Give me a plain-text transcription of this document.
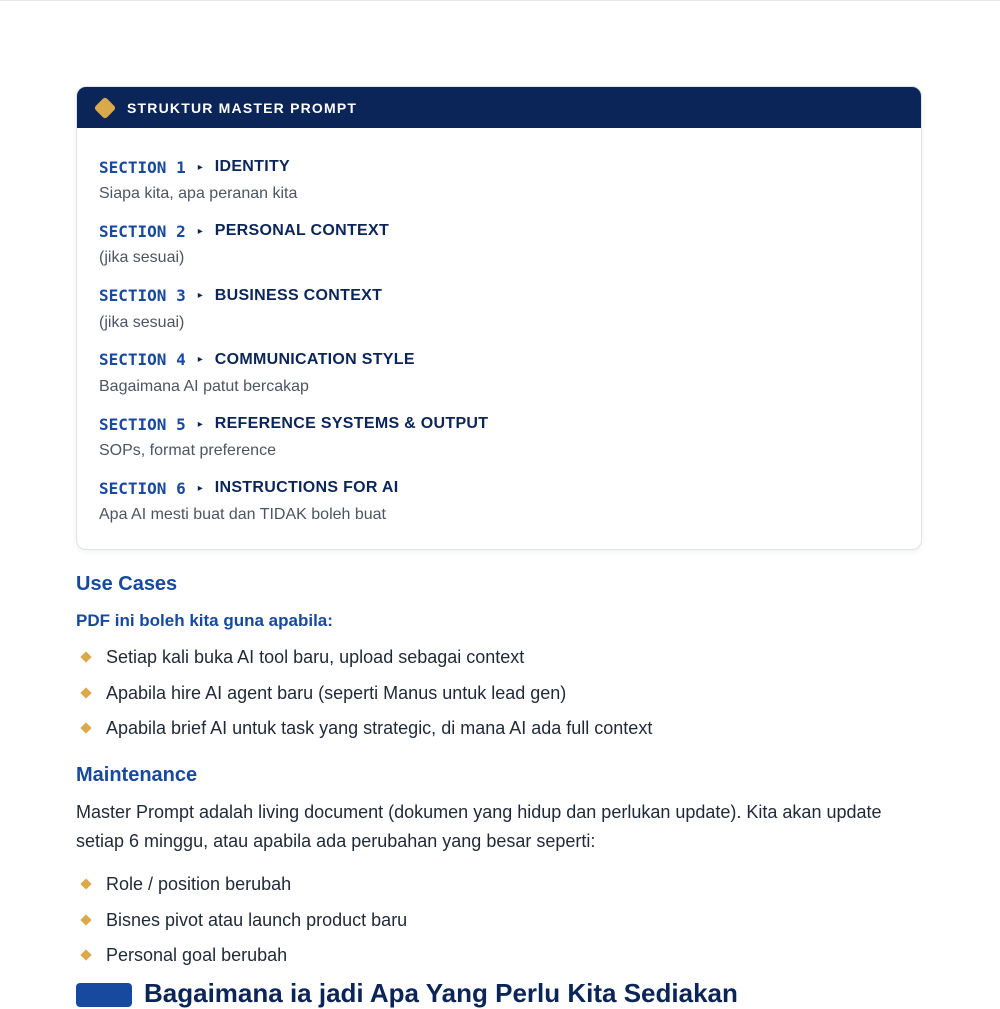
STRUKTUR MASTER PROMPT
SECTION 1 ▸ IDENTITY
Siapa kita, apa peranan kita
SECTION 2 ▸ PERSONAL CONTEXT
(jika sesuai)
SECTION 3 ▸ BUSINESS CONTEXT
(jika sesuai)
SECTION 4 ▸ COMMUNICATION STYLE
Bagaimana AI patut bercakap
SECTION 5 ▸ REFERENCE SYSTEMS & OUTPUT
SOPs, format preference
SECTION 6 ▸ INSTRUCTIONS FOR AI
Apa AI mesti buat dan TIDAK boleh buat
Use Cases
PDF ini boleh kita guna apabila:
Setiap kali buka AI tool baru, upload sebagai context
Apabila hire AI agent baru (seperti Manus untuk lead gen)
Apabila brief AI untuk task yang strategic, di mana AI ada full context
Maintenance
Master Prompt adalah living document (dokumen yang hidup dan perlukan update). Kita akan update setiap 6 minggu, atau apabila ada perubahan yang besar seperti:
Role / position berubah
Bisnes pivot atau launch product baru
Personal goal berubah
Bagaimana ia jadi Apa Yang Perlu Kita Sediakan
